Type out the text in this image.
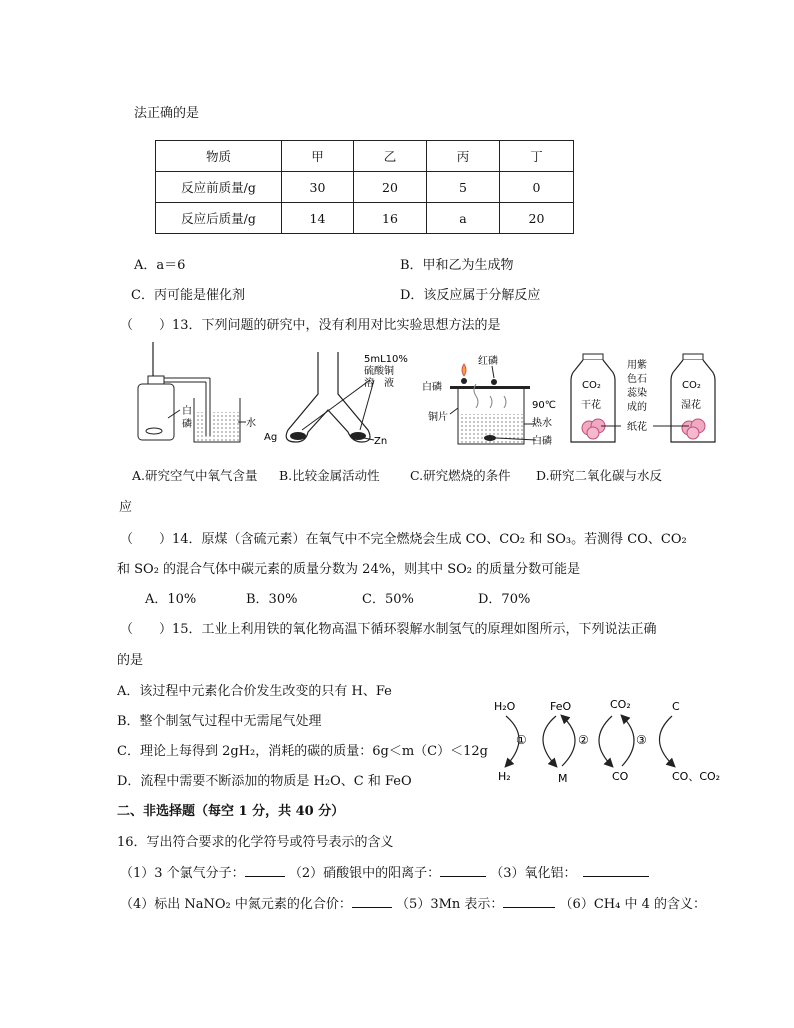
法正确的是
物质	甲	乙	丙	丁
反应前质量/g	30	20	5	0
反应后质量/g	14	16	a	20
A．a＝6	B．甲和乙为生成物
C．丙可能是催化剂	D．该反应属于分解反应
（　　）13．下列问题的研究中，没有利用对比实验思想方法的是
白
磷	水
5mL10%
硫酸铜
溶　液
Ag	Zn
红磷
白磷
铜片
90℃
热水
白磷
CO₂
干花
CO₂
湿花
用紫
色石
蕊染
成的
纸花
A.研究空气中氧气含量 B.比较金属活动性 C.研究燃烧的条件 D.研究二氧化碳与水反
应
（　　）14．原煤（含硫元素）在氧气中不完全燃烧会生成 CO、CO₂ 和 SO₃。若测得 CO、CO₂
和 SO₂ 的混合气体中碳元素的质量分数为 24%，则其中 SO₂ 的质量分数可能是
A．10%	B．30%	C．50%	D．70%
（　　）15．工业上利用铁的氧化物高温下循环裂解水制氢气的原理如图所示，下列说法正确
的是
A．该过程中元素化合价发生改变的只有 H、Fe
B．整个制氢气过程中无需尾气处理
C．理论上每得到 2gH₂，消耗的碳的质量：6g＜m（C）＜12g
D．流程中需要不断添加的物质是 H₂O、C 和 FeO
H₂O	FeO	CO₂	C
H₂	M	CO	CO、CO₂
①	②	③
二、非选择题（每空 1 分，共 40 分）
16．写出符合要求的化学符号或符号表示的含义
（1）3 个氯气分子：	（2）硝酸银中的阳离子：	（3）氧化铝：
（4）标出 NaNO₂ 中氮元素的化合价：	（5）3Mn 表示：	（6）CH₄ 中 4 的含义：
